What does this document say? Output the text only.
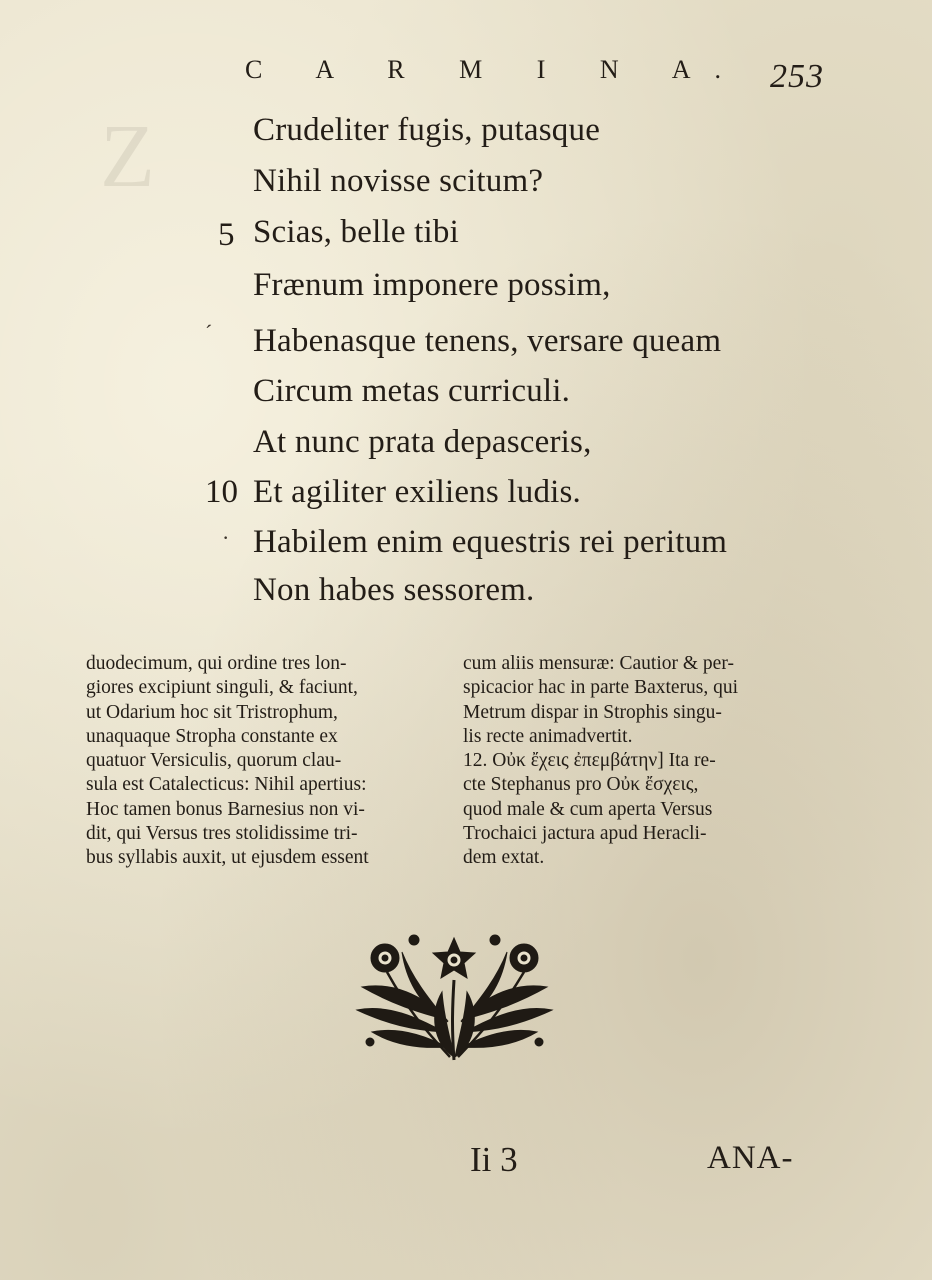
Ζ
C A R M I N A. 253
Crudeliter fugis, putasque
Nihil novisse scitum?
5 Scias, belle tibi
Frænum imponere possim,
ˊ Habenasque tenens, versare queam
Circum metas curriculi.
At nunc prata depasceris,
10 Et agiliter exiliens ludis.
· Habilem enim equestris rei peritum
Non habes sessorem.
duodecimum, qui ordine tres lon-
giores excipiunt singuli, & faciunt,
ut Odarium hoc sit Tristrophum,
unaquaque Stropha constante ex
quatuor Versiculis, quorum clau-
sula est Catalecticus: Nihil apertius:
Hoc tamen bonus Barnesius non vi-
dit, qui Versus tres stolidissime tri-
bus syllabis auxit, ut ejusdem essent
cum aliis mensuræ: Cautior & per-
spicacior hac in parte Baxterus, qui
Metrum dispar in Strophis singu-
lis recte animadvertit.
12. Οὐκ ἔχεις ἐπεμβάτην] Ita re-
cte Stephanus pro Οὐκ ἔσχεις,
quod male & cum aperta Versus
Trochaici jactura apud Heracli-
dem extat.
Ii 3	ANA-
